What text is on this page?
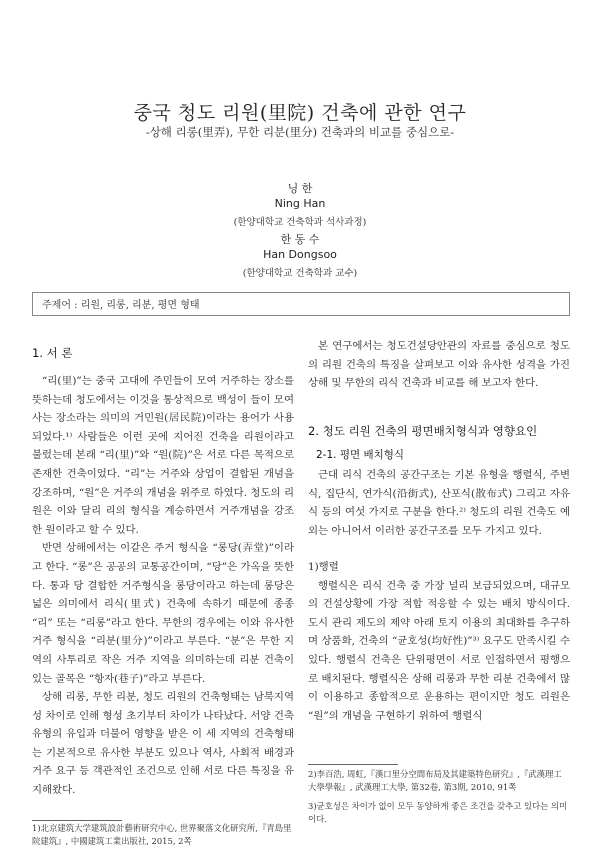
중국 청도 리원(里院) 건축에 관한 연구
-상해 리롱(里弄), 무한 리분(里分) 건축과의 비교를 중심으로-
닝 한
Ning Han
(한양대학교 건축학과 석사과정)
한 동 수
Han Dongsoo
(한양대학교 건축학과 교수)
주제어 : 리원, 리롱, 리분, 평면 형태
1. 서 론

“리(里)”는 중국 고대에 주민들이 모여 거주하는 장소를 뜻하는데 청도에서는 이것을 통상적으로 백성이 들이 모여 사는 장소라는 의미의 거민원(居民院)이라는 용어가 사용되었다.¹⁾ 사람들은 이런 곳에 지어진 건축을 리원이라고 불렀는데 본래 “리(里)”와 “원(院)”은 서로 다른 목적으로 존재한 건축이었다. “리”는 거주와 상업이 결합된 개념을 강조하며, “원”은 거주의 개념을 위주로 하였다. 청도의 리원은 이와 달리 리의 형식을 계승하면서 거주개념을 강조한 원이라고 할 수 있다.

반면 상해에서는 이같은 주거 형식을 “롱당(弄堂)”이라고 한다. “롱”은 공공의 교통공간이며, “당”은 가옥을 뜻한다. 통과 당 결합한 거주형식을 롱당이라고 하는데 롱당은 넓은 의미에서 리식(里式) 건축에 속하기 때문에 종종 “리” 또는 “리롱”라고 한다. 무한의 경우에는 이와 유사한 거주 형식을 “리분(里分)”이라고 부른다. “분”은 무한 지역의 사투리로 작은 거주 지역을 의미하는데 리분 건축이 있는 골목은 “항자(巷子)”라고 부른다.

상해 리롱, 무한 리분, 청도 리원의 건축형태는 남북지역성 차이로 인해 형성 초기부터 차이가 나타났다. 서양 건축유형의 유입과 더불어 영향을 받은 이 세 지역의 건축형태는 기본적으로 유사한 부분도 있으나 역사, 사회적 배경과 거주 요구 등 객관적인 조건으로 인해 서로 다른 특징을 유지해왔다.

1)北京建筑大学建筑設計藝術研究中心, 世界聚落文化研究所,『青島里院建筑』, 中國建筑工業出版社, 2015, 2쪽

본 연구에서는 청도건설당안관의 자료를 중심으로 청도의 리원 건축의 특징을 살펴보고 이와 유사한 성격을 가진 상해 및 무한의 리식 건축과 비교를 해 보고자 한다.

2. 청도 리원 건축의 평면배치형식과 영향요인
2-1. 평면 배치형식

근대 리식 건축의 공간구조는 기본 유형을 행렬식, 주변식, 집단식, 연가식(沿街式), 산포식(散布式) 그리고 자유식 등의 여섯 가지로 구분을 한다.²⁾ 청도의 리원 건축도 예외는 아니어서 이러한 공간구조를 모두 가지고 있다.

1)행렬

행렬식은 리식 건축 중 가장 널리 보급되었으며, 대규모의 건설상황에 가장 적합 적응할 수 있는 배치 방식이다. 도시 관리 제도의 제약 아래 토지 이용의 최대화를 추구하며 상품화, 건축의 “균호성(均好性)”³⁾ 요구도 만족시킬 수 있다. 행렬식 건축은 단위평면이 서로 인접하면서 평행으로 배치된다. 행렬식은 상해 리롱과 무한 리분 건축에서 많이 이용하고 종합적으로 운용하는 편이지만 청도 리원은 “원”의 개념을 구현하기 위하여 행렬식

2)李百浩, 周虹,『漢口里分空間布局及其建築特色研究』,『武漢理工大學學報』, 武漢理工大學, 第32卷, 第3期, 2010, 91쪽
3)균호성은 차이가 없이 모두 동양하게 좋은 조건을 갖추고 있다는 의미이다.
